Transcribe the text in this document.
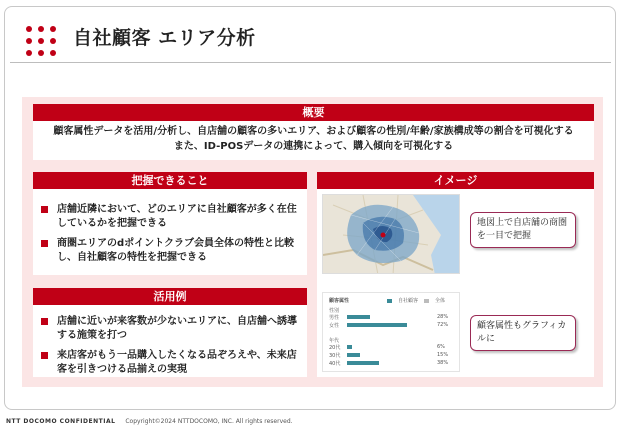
自社顧客 エリア分析
概要
顧客属性データを活用/分析し、自店舗の顧客の多いエリア、および顧客の性別/年齢/家族構成等の割合を可視化する
また、ID-POSデータの連携によって、購入傾向を可視化する
把握できること
店舗近隣において、どのエリアに自社顧客が多く在住しているかを把握できる
商圏エリアのdポイントクラブ会員全体の特性と比較し、自社顧客の特性を把握できる
活用例
店舗に近いが来客数が少ないエリアに、自店舗へ誘導する施策を打つ
来店客がもう一品購入したくなる品ぞろえや、未来店客を引きつける品揃えの実現
イメージ
地図上で自店舗の商圏を一目で把握
顧客属性	自社顧客	全体
性別
年代
男性	28%
女性	72%
20代	6%
30代	15%
40代	38%
顧客属性もグラフィカルに
NTT DOCOMO CONFIDENTIAL Copyright©2024 NTTDOCOMO, INC. All rights reserved.
